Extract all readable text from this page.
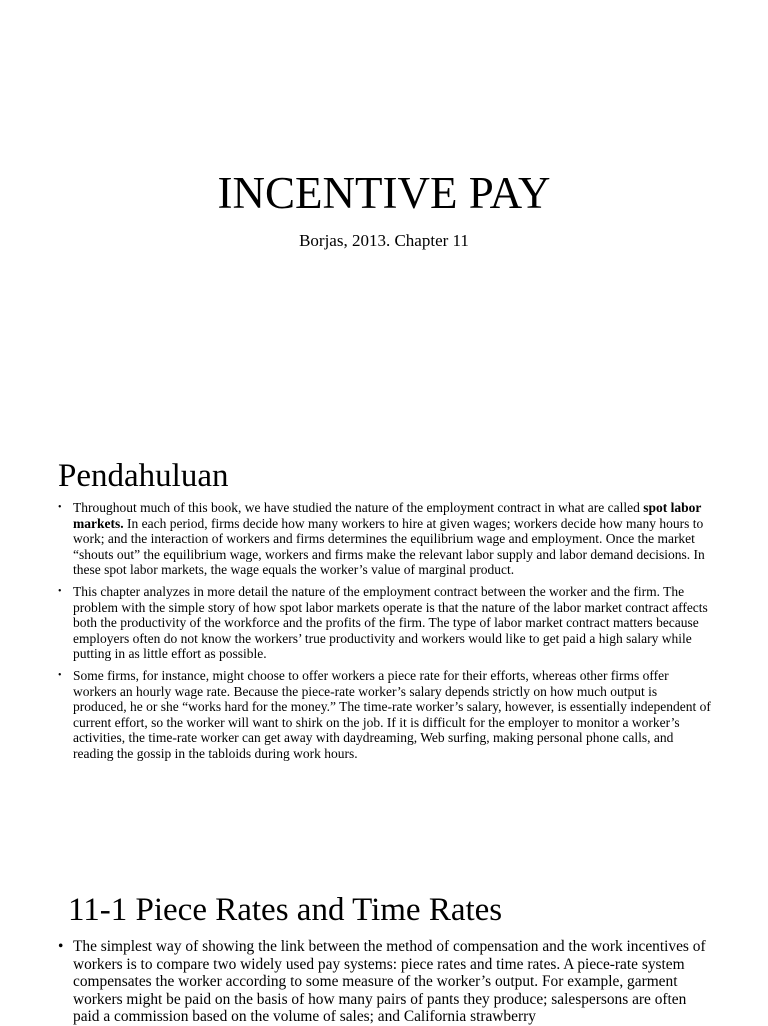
INCENTIVE PAY
Borjas, 2013. Chapter 11
Pendahuluan
• Throughout much of this book, we have studied the nature of the employment contract in what are called spot labor markets. In each period, firms decide how many workers to hire at given wages; workers decide how many hours to work; and the interaction of workers and firms determines the equilibrium wage and employment. Once the market “shouts out” the equilibrium wage, workers and firms make the relevant labor supply and labor demand decisions. In these spot labor markets, the wage equals the worker’s value of marginal product.
• This chapter analyzes in more detail the nature of the employment contract between the worker and the firm. The problem with the simple story of how spot labor markets operate is that the nature of the labor market contract affects both the productivity of the workforce and the profits of the firm. The type of labor market contract matters because employers often do not know the workers’ true productivity and workers would like to get paid a high salary while putting in as little effort as possible.
• Some firms, for instance, might choose to offer workers a piece rate for their efforts, whereas other firms offer workers an hourly wage rate. Because the piece-rate worker’s salary depends strictly on how much output is produced, he or she “works hard for the money.” The time-rate worker’s salary, however, is essentially independent of current effort, so the worker will want to shirk on the job. If it is difficult for the employer to monitor a worker’s activities, the time-rate worker can get away with daydreaming, Web surfing, making personal phone calls, and reading the gossip in the tabloids during work hours.
11-1 Piece Rates and Time Rates
• The simplest way of showing the link between the method of compensation and the work incentives of workers is to compare two widely used pay systems: piece rates and time rates. A piece-rate system compensates the worker according to some measure of the worker’s output. For example, garment workers might be paid on the basis of how many pairs of pants they produce; salespersons are often paid a commission based on the volume of sales; and California strawberry
